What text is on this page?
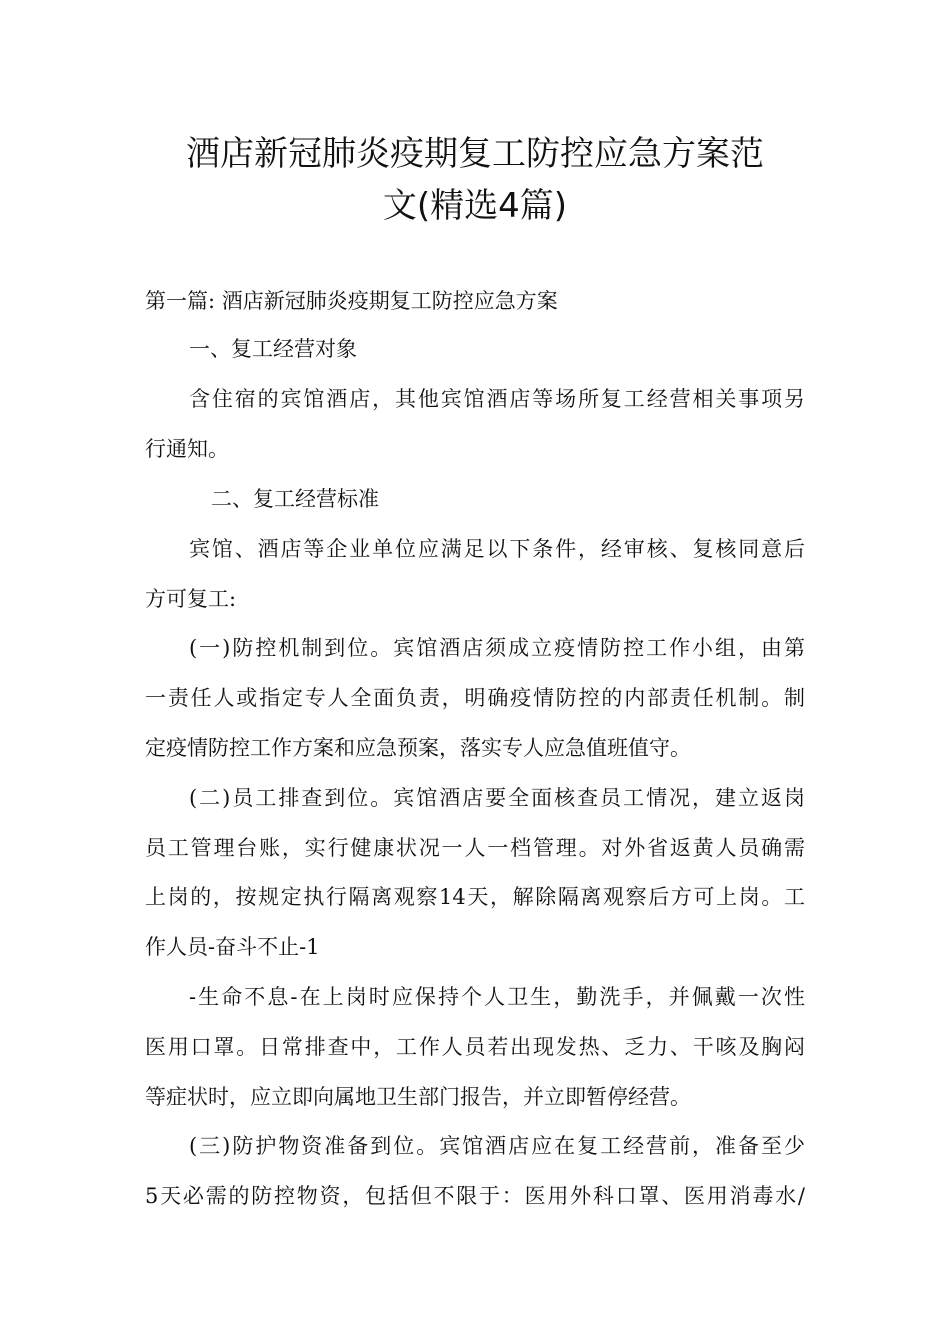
酒店新冠肺炎疫期复工防控应急方案范
文(精选4篇)
第一篇: 酒店新冠肺炎疫期复工防控应急方案
一、复工经营对象
含住宿的宾馆酒店，其他宾馆酒店等场所复工经营相关事项另
行通知。
二、复工经营标准
宾馆、酒店等企业单位应满足以下条件，经审核、复核同意后
方可复工:
(一)防控机制到位。宾馆酒店须成立疫情防控工作小组，由第
一责任人或指定专人全面负责，明确疫情防控的内部责任机制。制
定疫情防控工作方案和应急预案，落实专人应急值班值守。
(二)员工排查到位。宾馆酒店要全面核查员工情况，建立返岗
员工管理台账，实行健康状况一人一档管理。对外省返黄人员确需
上岗的，按规定执行隔离观察14天，解除隔离观察后方可上岗。工
作人员-奋斗不止-1
-生命不息-在上岗时应保持个人卫生，勤洗手，并佩戴一次性
医用口罩。日常排查中，工作人员若出现发热、乏力、干咳及胸闷
等症状时，应立即向属地卫生部门报告，并立即暂停经营。
(三)防护物资准备到位。宾馆酒店应在复工经营前，准备至少
5天必需的防控物资，包括但不限于：医用外科口罩、医用消毒水/
